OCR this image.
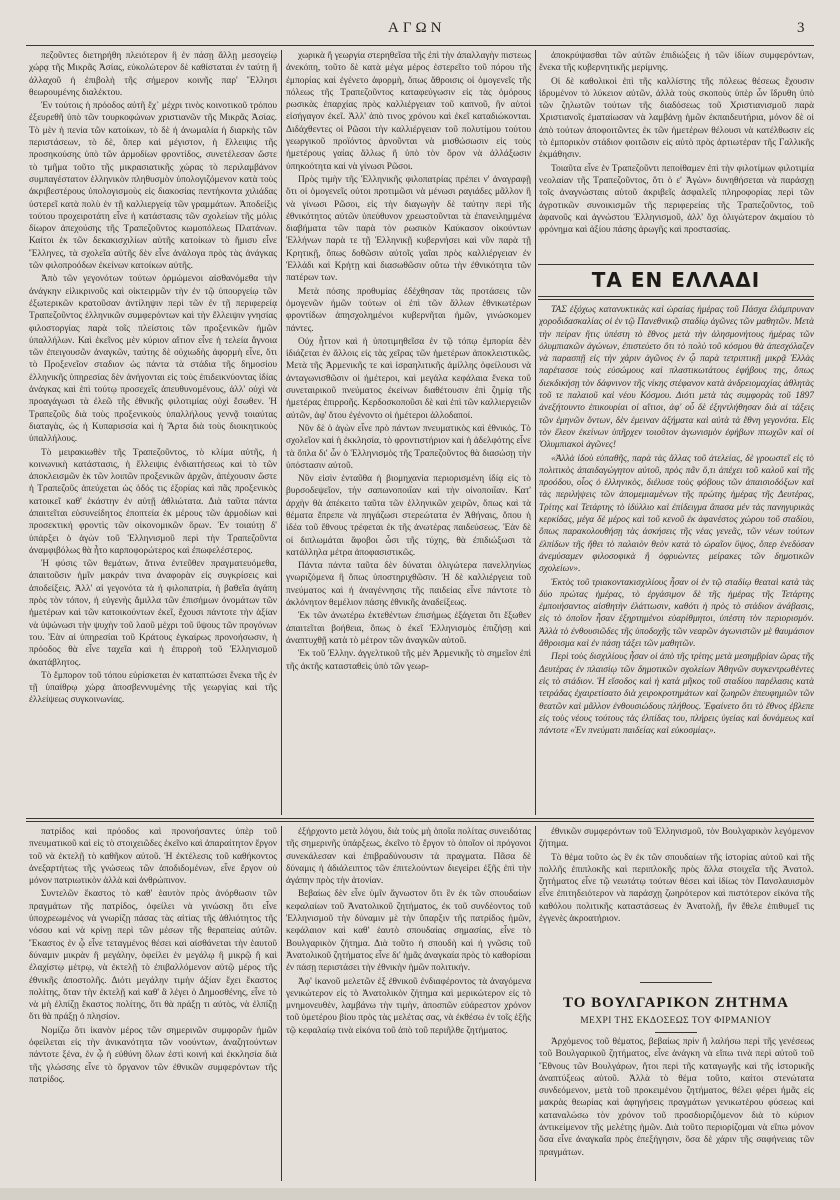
ΑΓΩΝ	3

πεζοῦντες διετηρήθη πλειότερον ἢ ἐν πάσῃ ἄλλῃ μεσογείῳ χώρᾳ τῆς Μικρᾶς Ἀσίας, εὐκολώτερον δὲ καθίσταται ἐν ταύτῃ ἢ ἀλλαχοῦ ἡ ἐπιβολὴ τῆς σήμερον κοινῆς παρ' Ἕλλησι θεωρουμένης διαλέκτου.

Ἐν τούτοις ἡ πρόοδος αὐτῆ ἔχ᾽ μέχρι τινὸς κοινοτικοῦ τρόπου ἐξευρεθῆ ὑπὸ τῶν τουρκοφώνων χριστιανῶν τῆς Μικρᾶς Ἀσίας. Τὸ μὲν ἡ πενία τῶν κατοίκων, τὸ δὲ ἡ ἀνωμαλία ἡ διαρκὴς τῶν περιστάσεων, τὸ δὲ, ὅπερ καὶ μέγιστον, ἡ ἔλλειψις τῆς προσηκούσης ὑπὸ τῶν ἁρμοδίων φροντίδος, συνετέλεσαν ὥστε τὸ τμῆμα τοῦτο τῆς μικρασιατικῆς χώρας τὸ περιλαμβάνον συμπαγέστατον ἑλληνικὸν πληθυσμὸν ὑπολογιζόμενον κατὰ τοὺς ἀκριβεστέρους ὑπολογισμοὺς εἰς διακοσίας πεντήκοντα χιλιάδας ὑστερεῖ κατὰ πολὺ ἐν τῇ καλλιεργείᾳ τῶν γραμμάτων. Ἀποδείξις τούτου προχειροτάτη εἶνε ἡ κατάστασις τῶν σχολείων τῆς μόλις δίωρον ἀπεχούσης τῆς Τραπεζοῦντος κωμοπόλεως Πλατάνων. Καίτοι ἐκ τῶν δεκακισχιλίων αὐτῆς κατοίκων τὸ ἥμισυ εἶνε Ἕλληνες, τὰ σχολεῖα αὐτῆς δὲν εἶνε ἀνάλογα πρὸς τὰς ἀνάγκας τῶν φιλοπροόδων ἐκείνων κατοίκων αὐτῆς.

Ἀπὸ τῶν γεγονότων τούτων ὁρμώμενοι αἰσθανόμεθα τὴν ἀνάγκην εἰλικρινοῦς καὶ οἰκτειρμῶν τὴν ἐν τῷ ὑπουργείῳ τῶν ἐξωτερικῶν κρατοῦσαν ἀντίληψιν περὶ τῶν ἐν τῇ περιφερείᾳ Τραπεζοῦντος ἑλληνικῶν συμφερόντων καὶ τὴν ἔλλειψιν γνησίας φιλοστοργίας παρὰ τοῖς πλείστοις τῶν προξενικῶν ἡμῶν ὑπαλλήλων. Καὶ ἐκεῖνος μὲν κύριον αἴτιον εἶνε ἡ τελεία ἄγνοια τῶν ἐπειγουσῶν ἀναγκῶν, ταύτης δὲ οὐχιωδὴς ἀφορμὴ εἶνε, ὅτι τὸ Προξενεῖον σταδιον ὡς πάντα τὰ στάδια τῆς δημοσίου ἑλληνικῆς ὑπηρεσίας δὲν ἀνήγονται εἰς τοὺς ἐπιδεικνύοντας ἰδίας ἀνάγκας καὶ ἐπὶ τούτῳ προσεχεῖς ἀπευθυνομένους, ἀλλ' οὐχὶ νὰ προαγάγωσι τὰ ἐλεῶ τῆς ἐθνικῆς φιλοτιμίας οὐχὶ ἔσωθεν. Ἡ Τραπεζοῦς διὰ τοὺς προξενικοὺς ὑπαλλήλους γεννᾷ τοιαύτας διαταγὰς, ὡς ἡ Κυπαρισσία καὶ ἡ Ἄρτα διὰ τοὺς διοικητικοὺς ὑπαλλήλους.

Τὸ μειρακιωθὲν τῆς Τραπεζοῦντος, τὸ κλίμα αὐτῆς, ἡ κοινωνικὴ κατάστασις, ἡ ἔλλειψις ἐνδιαιτήσεως καὶ τὸ τῶν ἀποκλεισμῶν ἐκ τῶν λοιπῶν προξενικῶν ἀρχῶν, ἀπέχουσιν ὥστε ἡ Τραπεζοῦς ἀπεύχεται ὡς ὁδός τις ἐξορίας καὶ πᾶς προξενικὸς κατοικεῖ καθ' ἑκάστην ἐν αὐτῇ ἀθλιώτατα. Διὰ ταῦτα πάντα ἀπαιτεῖται εὐσυνείδητος ἐποπτεία ἐκ μέρους τῶν ἁρμοδίων καὶ προσεκτική φροντὶς τῶν οἰκονομικῶν ὅρων. Ἐν τοιαύτῃ δ' ὑπάρξει ὁ ἀγὼν τοῦ Ἑλληνισμοῦ περὶ τὴν Τραπεζοῦντα ἀναμφιβόλως θὰ ἦτο καρποφορώτερος καὶ ἐπωφελέστερος.

Ἡ φύσις τῶν θεμάτων, ἅτινα ἐντεῦθεν πραγματευόμεθα, ἀπαιτοῦσιν ἡμῖν μακράν τινα ἀναφορὰν εἰς συγκρίσεις καὶ ἀποδείξεις. Ἀλλ' αἱ γεγονότα τὰ ἡ φιλοπατρία, ἡ βαθεῖα ἀγάπη πρὸς τὸν τόπον, ἡ εὐγενὴς ἄμιλλα τῶν ἐπισήμων ὀνομάτων τῶν ἡμετέρων καὶ τῶν κατοικούντων ἐκεῖ, ἔχουσι πάντοτε τὴν ἀξίαν νὰ ὑψώνωσι τὴν ψυχὴν τοῦ λαοῦ μέχρι τοῦ ὕψους τῶν προγόνων του. Ἐὰν αἱ ὑπηρεσίαι τοῦ Κράτους ἐγκαίρως προνοήσωσιν, ἡ πρόοδος θὰ εἶνε ταχεῖα καὶ ἡ ἐπιρροὴ τοῦ Ἑλληνισμοῦ ἀκατάβλητος.

Τὸ ἔμπορον τοῦ τόπου εὑρίσκεται ἐν καταπτώσει ἕνεκα τῆς ἐν τῇ ὑπαίθρῳ χώρᾳ ἀποσβεννυμένης τῆς γεωργίας καὶ τῆς ἐλλείψεως συγκοινωνίας.

χωρικὰ ἢ γεωργία στερηθεῖσα τῆς ἐπὶ τὴν ἀπαλλαγὴν πιστεως ἀνεκόπη, τοῦτο δὲ κατὰ μέγα μέρος ἐστερεῖτο τοῦ πόρου τῆς ἐμπορίας καὶ ἐγένετο ἀφορμὴ, ὅπως ἄθροισις οἱ ὁμογενεῖς τῆς πόλεως τῆς Τραπεζοῦντος καταφεύγωσιν εἰς τὰς ὁμόρους ρωσικὰς ἐπαρχίας πρὸς καλλιέργειαν τοῦ καπνοῦ, ἢν αὐτοὶ εἰσήγαγον ἐκεῖ. Ἀλλ' ἀπὸ τινος χρόνου καὶ ἐκεῖ καταδιώκονται. Διδάχθεντες οἱ Ρῶσοι τὴν καλλιέργειαν τοῦ πολυτίμου τούτου γεωργικοῦ προϊόντος ἀρνοῦνται νὰ μισθώσωσιν εἰς τοὺς ἡμετέρους γαίας ἄλλως ἢ ὑπὸ τὸν ὅρον νὰ ἀλλάξωσιν ὑπηκοότητα καὶ νὰ γίνωσι Ρῶσοι.

Πρὸς τιμὴν τῆς Ἑλληνικῆς φιλοπατρίας πρέπει ν' ἀναγραφῇ ὅτι οἱ ὁμογενεῖς οὐτοι προτιμῶσι νὰ μένωσι ραγιάδες μᾶλλον ἢ νὰ γίνωσι Ρῶσοι, εἰς τὴν διαγωγὴν δὲ ταύτην περὶ τῆς ἐθνικότητος αὐτῶν ὑπεύθυνον χρεωστοῦνται τὰ ἐπανειλημμένα διαβήματα τῶν παρὰ τὸν ρωσικὸν Καύκασον οἰκούντων Ἑλλήνων παρὰ τε τῇ Ἑλληνικῇ κυβερνήσει καὶ νῦν παρὰ τῇ Κρητικῇ, ὅπως δοθῶσιν αὐτοῖς γαῖαι πρὸς καλλιέργειαν ἐν Ἑλλάδι καὶ Κρήτῃ καὶ διασωθῶσιν οὕτω τὴν ἐθνικότητα τῶν πατέρων των.

Μετὰ πόσης προθυμίας ἐδέχθησαν τὰς προτάσεις τῶν ὁμογενῶν ἡμῶν τούτων οἱ ἐπὶ τῶν ἄλλων ἐθνικωτέρων φροντίδων ἀπησχολημένοι κυβερνῆται ἡμῶν, γινώσκομεν πάντες.

Οὐχ ἧττον καὶ ἡ ὑποτιμηθεῖσα ἐν τῷ τόπῳ ἐμπορία δὲν ἰδιάζεται ἐν ἄλλοις εἰς τὰς χεῖρας τῶν ἡμετέρων ἀποκλειστικῶς. Μετὰ τῆς Ἀρμενικῆς τε καὶ ἰσραηλιτικῆς ἀμίλλης ὀφείλουσι νὰ ἀνταγωνισθῶσιν οἱ ἡμέτεροι, καὶ μεγάλα κεφάλαια ἕνεκα τοῦ συνεταιρικοῦ πνεύματος ἐκείνων διαθέτουσιν ἐπὶ ζημίᾳ τῆς ἡμετέρας ἐπιρροῆς. Κερδοσκοποῦσι δὲ καὶ ἐπὶ τῶν καλλιεργειῶν αὐτῶν, ἀφ' ὅτου ἐγένοντο οἱ ἡμέτεροι ἀλλοδαποί.

Νῦν δὲ ὁ ἀγὼν εἶνε πρὸ πάντων πνευματικὸς καὶ ἐθνικός. Τὸ σχολεῖον καὶ ἡ ἐκκλησία, τὸ φροντιστήριον καὶ ἡ ἀδελφότης εἶνε τὰ ὅπλα δι' ὧν ὁ Ἑλληνισμὸς τῆς Τραπεζοῦντος θὰ διασώσῃ τὴν ὑπόστασιν αὐτοῦ.

Νῦν εἰσὶν ἐνταῦθα ἡ βιομηχανία περιορισμένη ἰδίᾳ εἰς τὸ βυρσοδεψεῖον, τὴν σαπωνοποιΐαν καὶ τὴν οἰνοποιΐαν. Κατ' ἀρχὴν θὰ ἀπέκειτο ταῦτα τῶν ἑλληνικῶν χειρῶν, ὅπως καὶ τὰ θέματα ἔπρεπε νὰ πηγάζωσι στερεώτατα ἐν Ἀθήναις, ὅπου ἡ ἰδέα τοῦ ἔθνους τρέφεται ἐκ τῆς ἀνωτέρας παιδεύσεως. Ἐὰν δὲ οἱ διπλωμάται ἄφοβοι ὦσι τῆς τύχης, θὰ ἐπιδιώξωσι τὰ κατάλληλα μέτρα ἀποφασιστικῶς.

Πάντα πάντα ταῦτα δὲν δύναται ὀλιγώτερα πανελληνίως γνωριζόμενα ἢ ὅπως ὑποστηριχθῶσιν. Ἡ δὲ καλλιέργεια τοῦ πνεύματος καὶ ἡ ἀναγέννησις τῆς παιδείας εἶνε πάντοτε τὸ ἀκλόνητον θεμέλιον πάσης ἐθνικῆς ἀναδείξεως.

Ἐκ τῶν ἀνωτέρω ἐκτεθέντων ἐπισήμως ἐξάγεται ὅτι ἔξωθεν ἀπαιτεῖται βοήθεια, ὅπως ὁ ἐκεῖ Ἑλληνισμὸς ἐπιζήσῃ καὶ ἀναπτυχθῇ κατὰ τὸ μέτρον τῶν ἀναγκῶν αὐτοῦ.

Ἐκ τοῦ Ἑλλην. ἀγγελτικοῦ τῆς μὲν Ἀρμενικῆς τὸ σημεῖον ἐπὶ τῆς ἀκτῆς κατασταθεὶς ὑπὸ τῶν γεωρ-

ἀποκρύψασθαι τῶν αὐτῶν ἐπιδιώξεις ἡ τῶν ἰδίων συμφερόντων, ἕνεκα τῆς κυβερνητικῆς μερίμνης.

Οἱ δὲ καθολικοὶ ἐπὶ τῆς καλλίστης τῆς πόλεως θέσεως ἔχουσιν ἱδρυμένον τὸ λύκειον αὐτῶν, ἀλλὰ τοὺς σκοποὺς ὑπὲρ ὧν ἵδρυθη ὑπὸ τῶν ζηλωτῶν τούτων τῆς διαδόσεως τοῦ Χριστιανισμοῦ παρὰ Χριστιανοῖς ἐματαίωσαν νὰ λαμβάνῃ ἡμῶν ἐκπαιδευτήρια, μόνον δὲ οἱ ἀπὸ τούτων ἀποφοιτῶντες ἐκ τῶν ἡμετέρων θέλουσι νὰ κατέλθωσιν εἰς τὸ ἐμπορικὸν στάδιον φοιτῶσιν εἰς αὐτὸ πρὸς ἀρτιωτέραν τῆς Γαλλικῆς ἐκμάθησιν.

Τοιαῦτα εἶνε ἐν Τραπεζοῦντι πεποίθαμεν ἐπὶ τὴν φιλοτίμων φιλοτιμία νεολαίαν τῆς Τραπεζοῦντος, ὅτι ὁ ε' Ἀγὼν» δυνηθήσεται νὰ παράσχῃ τοῖς ἀναγνώσταις αὐτοῦ ἀκριβεῖς ἀσφαλεῖς πληροφορίας περὶ τῶν ἀγροτικῶν συνοικισμῶν τῆς περιφερείας τῆς Τραπεζοῦντος, τοῦ ἀφανοῦς καὶ ἀγνώστου Ἑλληνισμοῦ, ἀλλ' ὄχι ὀλιγώτερον ἀκμαίου τὸ φρόνημα καὶ ἀξίου πάσης ἀρωγῆς καὶ προστασίας.

ΤΑ ΕΝ ΕΛΛΑΔΙ

ΤΑΣ ἐξόχως κατανυκτικὰς καὶ ὡραίας ἡμέρας τοῦ Πάσχα ἐλάμπρυναν χοροδιδασκαλίας οἱ ἐν τῷ Πανεθνικῷ σταδίῳ ἀγῶνες τῶν μαθητῶν. Μετὰ τὴν πείραν ἥτις ὑπέστη τὸ ἔθνος μετὰ τὴν ἀλησμονήτους ἡμέρας τῶν ὀλυμπιακῶν ἀγώνων, ἐπιστεύετο ὅτι τὸ πολὺ τοῦ κόσμου θὰ ἀπεσχόλαζεν νὰ παρασπῇ εἰς τὴν χάριν ἀγῶνος ἐν ᾧ παρὰ τετριπτικῇ μικρᾷ Ἐλλὰς παρέτασσε τοὺς εὐσώμους καὶ πλαστικωτάτους ἐφήβους της, ὅπως διεκδικήσῃ τὸν δάφνινον τῆς νίκης στέφανον κατὰ ἀνδρειομαχίας ἀθλητὰς τοῦ τε παλαιοῦ καὶ νέου Κόσμου. Διότι μετὰ τὰς συμφορὰς τοῦ 1897 ἀνεξήτουντο ἐπικουρίαι οἱ αἴτιοι, ἀφ' οὗ δὲ ἐξηντλήθησαν διὰ αἱ τάξεις τῶν ἐμηνῶν ὄντων, δὲν ἐμειναν ἀξήματα καὶ αὐτὰ τὰ ἔθνη γεγονότα. Εἰς τὸν ἕλεον ἐκείνων ὑπῆρχεν τοιοῦτον ἀγωνισμὸν ἐφήβων πτωχῶν καὶ οἱ Ὀλυμπιακοὶ ἀγῶνες!

«Ἀλλὰ ἰδοὺ εὐπαθῆς, παρὰ τὰς ἄλλας τοῦ ἀτελείας, δὲ γροωστεῖ εἰς τὸ πολιτικὸς ἀπαιδαγώγητον αὐτοῦ, πρὸς πᾶν ὅ,τι ἀπέχει τοῦ καλοῦ καὶ τῆς προόδου, οἶος ὁ ἑλληνικὸς, διέλυσε τοὺς φόβους τῶν ἀπαισιοδόξων καὶ τὰς περιλήψεις τῶν ἀπομεμιαμένων τῆς πρώτης ἡμέρας τῆς Δευτέρας, Τρίτης καὶ Τετάρτης τὸ ἰδύλλιο καὶ ἐπίδειγμα ἅπασα μέν τὰς πανηγυρικὰς κερκίδας, μέγα δὲ μέρος καὶ τοῦ κενοῦ ἐκ ἀφανέστος χώρου τοῦ σταδίου, ὅπως παρακολουθήσῃ τὰς ἀσκήσεις τῆς νέας γενεᾶς, τῶν νέων τούτων ἐλπίδων τῆς ἤθει τὸ παλαιὸν θεὸν κατὰ τὸ ὡραῖον ὕψος, ὅπερ ἐνεδύσαν ἀνεμύσαμεν φιλοσοφικὰ ἢ ὀφρυὼντες μείρακες τῶν δημοτικῶν σχολείων».

Ἐκτὸς τοῦ τριακοντακισχιλίους ἦσαν οἱ ἐν τῷ σταδίῳ θεαταὶ κατὰ τὰς δύο πρώτας ἡμέρας, τὸ ἐργάσιμον δὲ τῆς ἡμέρας τῆς Τετάρτης ἐμποιήσαντος αἰσθητὴν ἐλάττωσιν, καθότι ἡ πρὸς τὸ στάδιον ἀνάβασις, εἰς τὸ ὁποῖον ἦσαν ἐξηρτημένοι εὐαρίθμητοι, ὑπέστη τὸν περιορισμόν. Ἀλλὰ τὸ ἐνθουσιῶδες τῆς ὑποδοχῆς τῶν νεαρῶν ἀγωνιστῶν μὲ θαυμάσιον ἄθροισμα καὶ ἐν πάσῃ τάξει τῶν μαθητῶν.

Περὶ τοὺς δισχιλίους ἦσαν οἱ ἀπὸ τῆς τρίτης μετὰ μεσημβρίαν ὥρας τῆς Δευτέρας ἐν πλαισίῳ τῶν δημοτικῶν σχολείων Ἀθηνῶν συγκεντρωθέντες εἰς τὸ στάδιον. Ἡ εἴσοδος καὶ ἡ κατὰ μῆκος τοῦ σταδίου παρέλασις κατὰ τετράδας ἐχαιρετίσατο διὰ χειροκροτημάτων καὶ ζωηρῶν ἐπευφημιῶν τῶν θεατῶν καὶ μᾶλλον ἐνθουσιώδους πλήθους. Ἐφαίνετο ὅτι τὸ ἔθνος ἐβλεπε εἰς τοὺς νέους τούτους τὰς ἐλπίδας του, πλήρεις ὑγείας καὶ δυνάμεως καὶ πάντοτε «Ἐν πνεύματι παιδείας καὶ εὐκοσμίας».

πατρίδος καὶ πρόοδος καὶ προνοήσαντες ὑπὲρ τοῦ πνευματικοῦ καὶ εἰς τὸ στοιχειῶδες ἐκεῖνο καὶ ἀπαραίτητον ἔργον τοῦ νὰ ἐκτελῇ τὸ καθῆκον αὐτοῦ. Ἡ ἐκτέλεσις τοῦ καθήκοντος ἀνεξαρτήτως τῆς γνώσεως τῶν ἀποδιδομένων, εἶνε ἔργον οὐ μόνον πατριωτικὸν ἀλλὰ καὶ ἀνθρώπινον.

Συντελῶν ἕκαστος τὸ καθ' ἑαυτὸν πρὸς ἀνόρθωσιν τῶν πραγμάτων τῆς πατρίδος, ὀφείλει νὰ γινώσκῃ ὅτι εἶνε ὑποχρεωμένος νὰ γνωρίζῃ πάσας τὰς αἰτίας τῆς ἀθλιότητος τῆς νόσου καὶ νὰ κρίνῃ περὶ τῶν μέσων τῆς θεραπείας αὐτῶν. Ἕκαστος ἐν ᾧ εἶνε τεταγμένος θέσει καὶ αἰσθάνεται τὴν ἑαυτοῦ δύναμιν μικρὰν ἢ μεγάλην, ὀφείλει ἐν μεγάλῳ ἢ μικρῷ ἢ καὶ ἐλαχίστῳ μέτρῳ, νὰ ἐκτελῇ τὸ ἐπιβαλλόμενον αὐτῷ μέρος τῆς ἐθνικῆς ἀποστολῆς. Διότι μεγάλην τιμὴν ἀξίαν ἔχει ἕκαστος πολίτης, ὅταν τὴν ἐκτελῇ καὶ καθ' ἃ λέγει ὁ Δημοσθένης, εἶνε τὸ νὰ μὴ ἐλπίζῃ ἕκαστος πολίτης, ὅτι θὰ πράξῃ τι αὐτὸς, νὰ ἐλπίζῃ ὅτι θὰ πράξῃ ὁ πλησίον.

Νομίζω ὅτι ἱκανὸν μέρος τῶν σημερινῶν συμφορῶν ἡμῶν ὀφείλεται εἰς τὴν ἀνικανότητα τῶν νοούντων, ἀναζητούντων πάντοτε ξένα, ἐν ᾧ ἡ εὐθύνη ὅλων ἐστὶ κοινή καὶ ἐκκλησία διὰ τῆς γλώσσης εἶνε τὸ ὄργανον τῶν ἐθνικῶν συμφερόντων τῆς πατρίδος.

ἐξήρχοντο μετὰ λόγου, διὰ τοὺς μὴ ὁποῖα πολίτας συνειδότας τῆς σημερινῆς ὑπάρξεως, ἐκεῖνο τὸ ἔργον τὸ ὁποῖον οἱ πρόγονοι συνεκάλεσαν καὶ ἐπιβραδύνουσιν τὰ πραγματα. Πᾶσα δὲ δύναμις ἡ ἀδιάλειπτος τῶν ἐπιτελούντων διεγείρει ἐξῆς ἐπὶ τὴν ἀγάπην πρὸς τὴν ἀτονίαν.

Βεβαίως δὲν εἶνε ὑμῖν ἄγνωστον ὅτι ἓν ἐκ τῶν σπουδαίων κεφαλαίων τοῦ Ἀνατολικοῦ ζητήματος, ἐκ τοῦ συνδέοντος τοῦ Ἑλληνισμοῦ τὴν δύναμιν μὲ τὴν ὕπαρξιν τῆς πατρίδος ἡμῶν, κεφάλαιον καὶ καθ' ἑαυτὸ σπουδαίας σημασίας, εἶνε τὸ Βουλγαρικὸν ζήτημα. Διὰ τοῦτο ἡ σπουδὴ καὶ ἡ γνῶσις τοῦ Ἀνατολικοῦ ζητήματος εἶνε δι' ἡμᾶς ἀναγκαία πρὸς τὸ καθορίσαι ἐν πάσῃ περιστάσει τὴν ἐθνικὴν ἡμῶν πολιτικήν.

Ἀφ' ἱκανοῦ μελετῶν ἐξ ἐθνικοῦ ἐνδιαφέροντος τὰ ἀναγόμενα γενικώτερον εἰς τὸ Ἀνατολικὸν ζήτημα καὶ μερικώτερον εἰς τὸ μνημονευθὲν, λαμβάνω τὴν τιμὴν, ἀποσπῶν εὐάρεστον χρόνον τοῦ ὑμετέρου βίου πρὸς τὰς μελέτας σας, νὰ ἐκθέσω ἐν τοῖς ἑξῆς τῷ κεφαλαίῳ τινὰ εἰκόνα τοῦ ἀπὸ τοῦ περιῆλθε ζητήματος.

ἐθνικῶν συμφερόντων τοῦ Ἑλληνισμοῦ, τὸν Βουλγαρικὸν λεγόμενον ζήτημα.

Τὸ θέμα τοῦτο ὡς ἓν ἐκ τῶν σπουδαίων τῆς ἱστορίας αὐτοῦ καὶ τῆς πολλῆς ἐπιπλοκῆς καὶ περιπλοκῆς πρὸς ἄλλα στοιχεῖα τῆς Ἀνατολ. ζητήματος εἶνε τῷ νεωτάτῳ τούτων θέσει καὶ ἰδίως τὸν Πανσλαυισμὸν εἶνε ἐπιτηδειότερον νὰ παράσχῃ ζωηρότερον καὶ πιστότερον εἰκόνα τῆς καθόλου πολιτικῆς καταστάσεως ἐν Ἀνατολῇ, ἣν ἔθελε ἐπιθυμεῖ τις ἐγγενὲς ἀκροατήριον.

ΤΟ ΒΟΥΛΓΑΡΙΚΟΝ ΖΗΤΗΜΑ
ΜΕΧΡΙ ΤΗΣ ΕΚΔΟΣΕΩΣ ΤΟΥ ΦΙΡΜΑΝΙΟΥ

Ἀρχόμενος τοῦ θέματος, βεβαίως πρὶν ἢ λαλήσω περὶ τῆς γενέσεως τοῦ Βουλγαρικοῦ ζητήματος, εἶνε ἀνάγκη νὰ εἴπω τινὰ περὶ αὐτοῦ τοῦ Ἔθνους τῶν Βουλγάρων, ἤτοι περὶ τῆς καταγωγῆς καὶ τῆς ἱστορικῆς ἀναπτύξεως αὐτοῦ. Ἀλλὰ τὸ θέμα τοῦτο, καίτοι στενώτατα συνδεόμενον, μετὰ τοῦ προκειμένου ζητήματος, θέλει φέρει ἡμᾶς εἰς μακρὰς θεωρίας καὶ ἀφηγήσεις πραγμάτων γενικωτέρου φύσεως καὶ καταναλώσω τὸν χρόνον τοῦ προσδιοριζόμενον διὰ τὸ κύριον ἀντικείμενον τῆς μελέτης ἡμῶν. Διὰ τοῦτο περιορίζομαι νὰ εἴπω μόνον ὅσα εἶνε ἀναγκαῖα πρὸς ἐπεξήγησιν, ὅσα δὲ χάριν τῆς σαφήνειας τῶν πραγμάτων.
